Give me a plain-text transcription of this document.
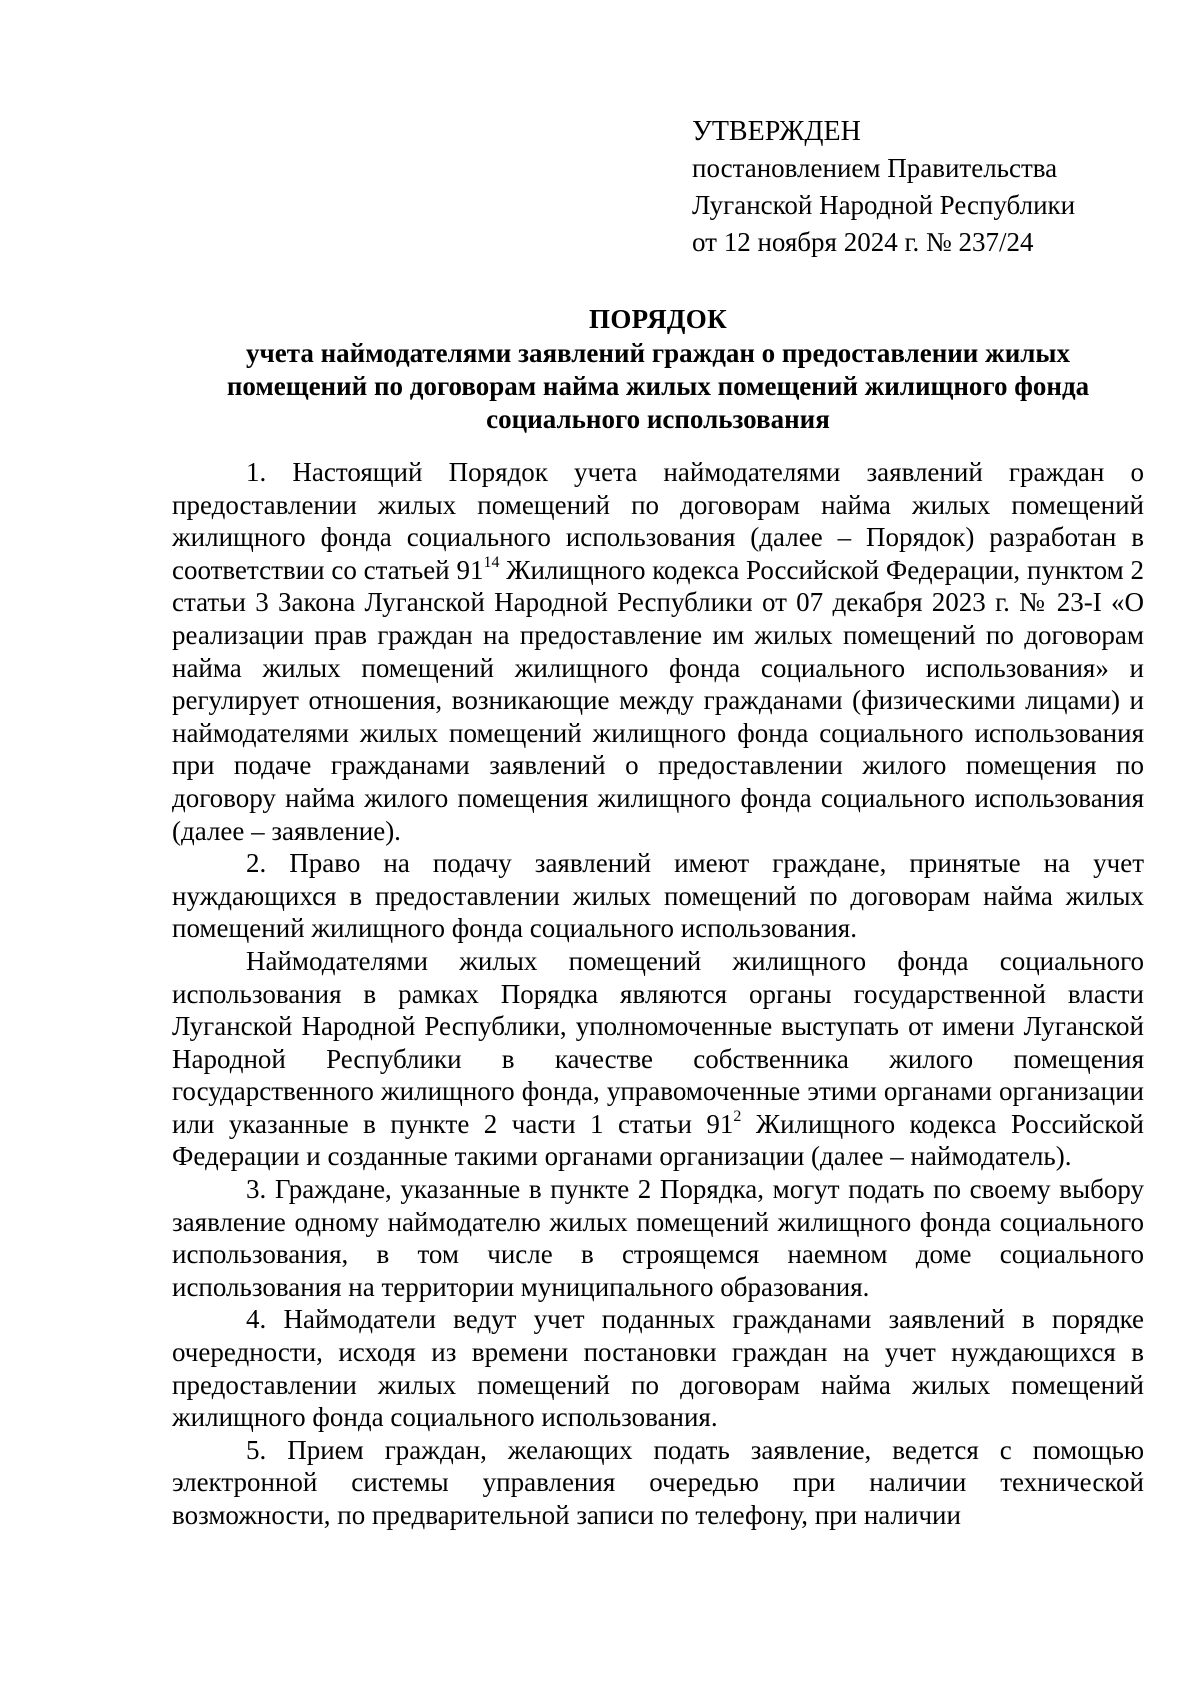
УТВЕРЖДЕН
постановлением Правительства
Луганской Народной Республики
от 12 ноября 2024 г. № 237/24
ПОРЯДОК
учета наймодателями заявлений граждан о предоставлении жилых
помещений по договорам найма жилых помещений жилищного фонда
социального использования

1. Настоящий Порядок учета наймодателями заявлений граждан о предоставлении жилых помещений по договорам найма жилых помещений жилищного фонда социального использования (далее – Порядок) разработан в соответствии со статьей $91^{14}$ Жилищного кодекса Российской Федерации, пунктом 2 статьи 3 Закона Луганской Народной Республики от 07 декабря 2023 г. № 23-I «О реализации прав граждан на предоставление им жилых помещений по договорам найма жилых помещений жилищного фонда социального использования» и регулирует отношения, возникающие между гражданами (физическими лицами) и наймодателями жилых помещений жилищного фонда социального использования при подаче гражданами заявлений о предоставлении жилого помещения по договору найма жилого помещения жилищного фонда социального использования (далее – заявление).

2. Право на подачу заявлений имеют граждане, принятые на учет нуждающихся в предоставлении жилых помещений по договорам найма жилых помещений жилищного фонда социального использования.

Наймодателями жилых помещений жилищного фонда социального использования в рамках Порядка являются органы государственной власти Луганской Народной Республики, уполномоченные выступать от имени Луганской Народной Республики в качестве собственника жилого помещения государственного жилищного фонда, управомоченные этими органами организации или указанные в пункте 2 части 1 статьи $91^2$ Жилищного кодекса Российской Федерации и созданные такими органами организации (далее – наймодатель).

3. Граждане, указанные в пункте 2 Порядка, могут подать по своему выбору заявление одному наймодателю жилых помещений жилищного фонда социального использования, в том числе в строящемся наемном доме социального использования на территории муниципального образования.

4. Наймодатели ведут учет поданных гражданами заявлений в порядке очередности, исходя из времени постановки граждан на учет нуждающихся в предоставлении жилых помещений по договорам найма жилых помещений жилищного фонда социального использования.

5. Прием граждан, желающих подать заявление, ведется с помощью электронной системы управления очередью при наличии технической возможности, по предварительной записи по телефону, при наличии
